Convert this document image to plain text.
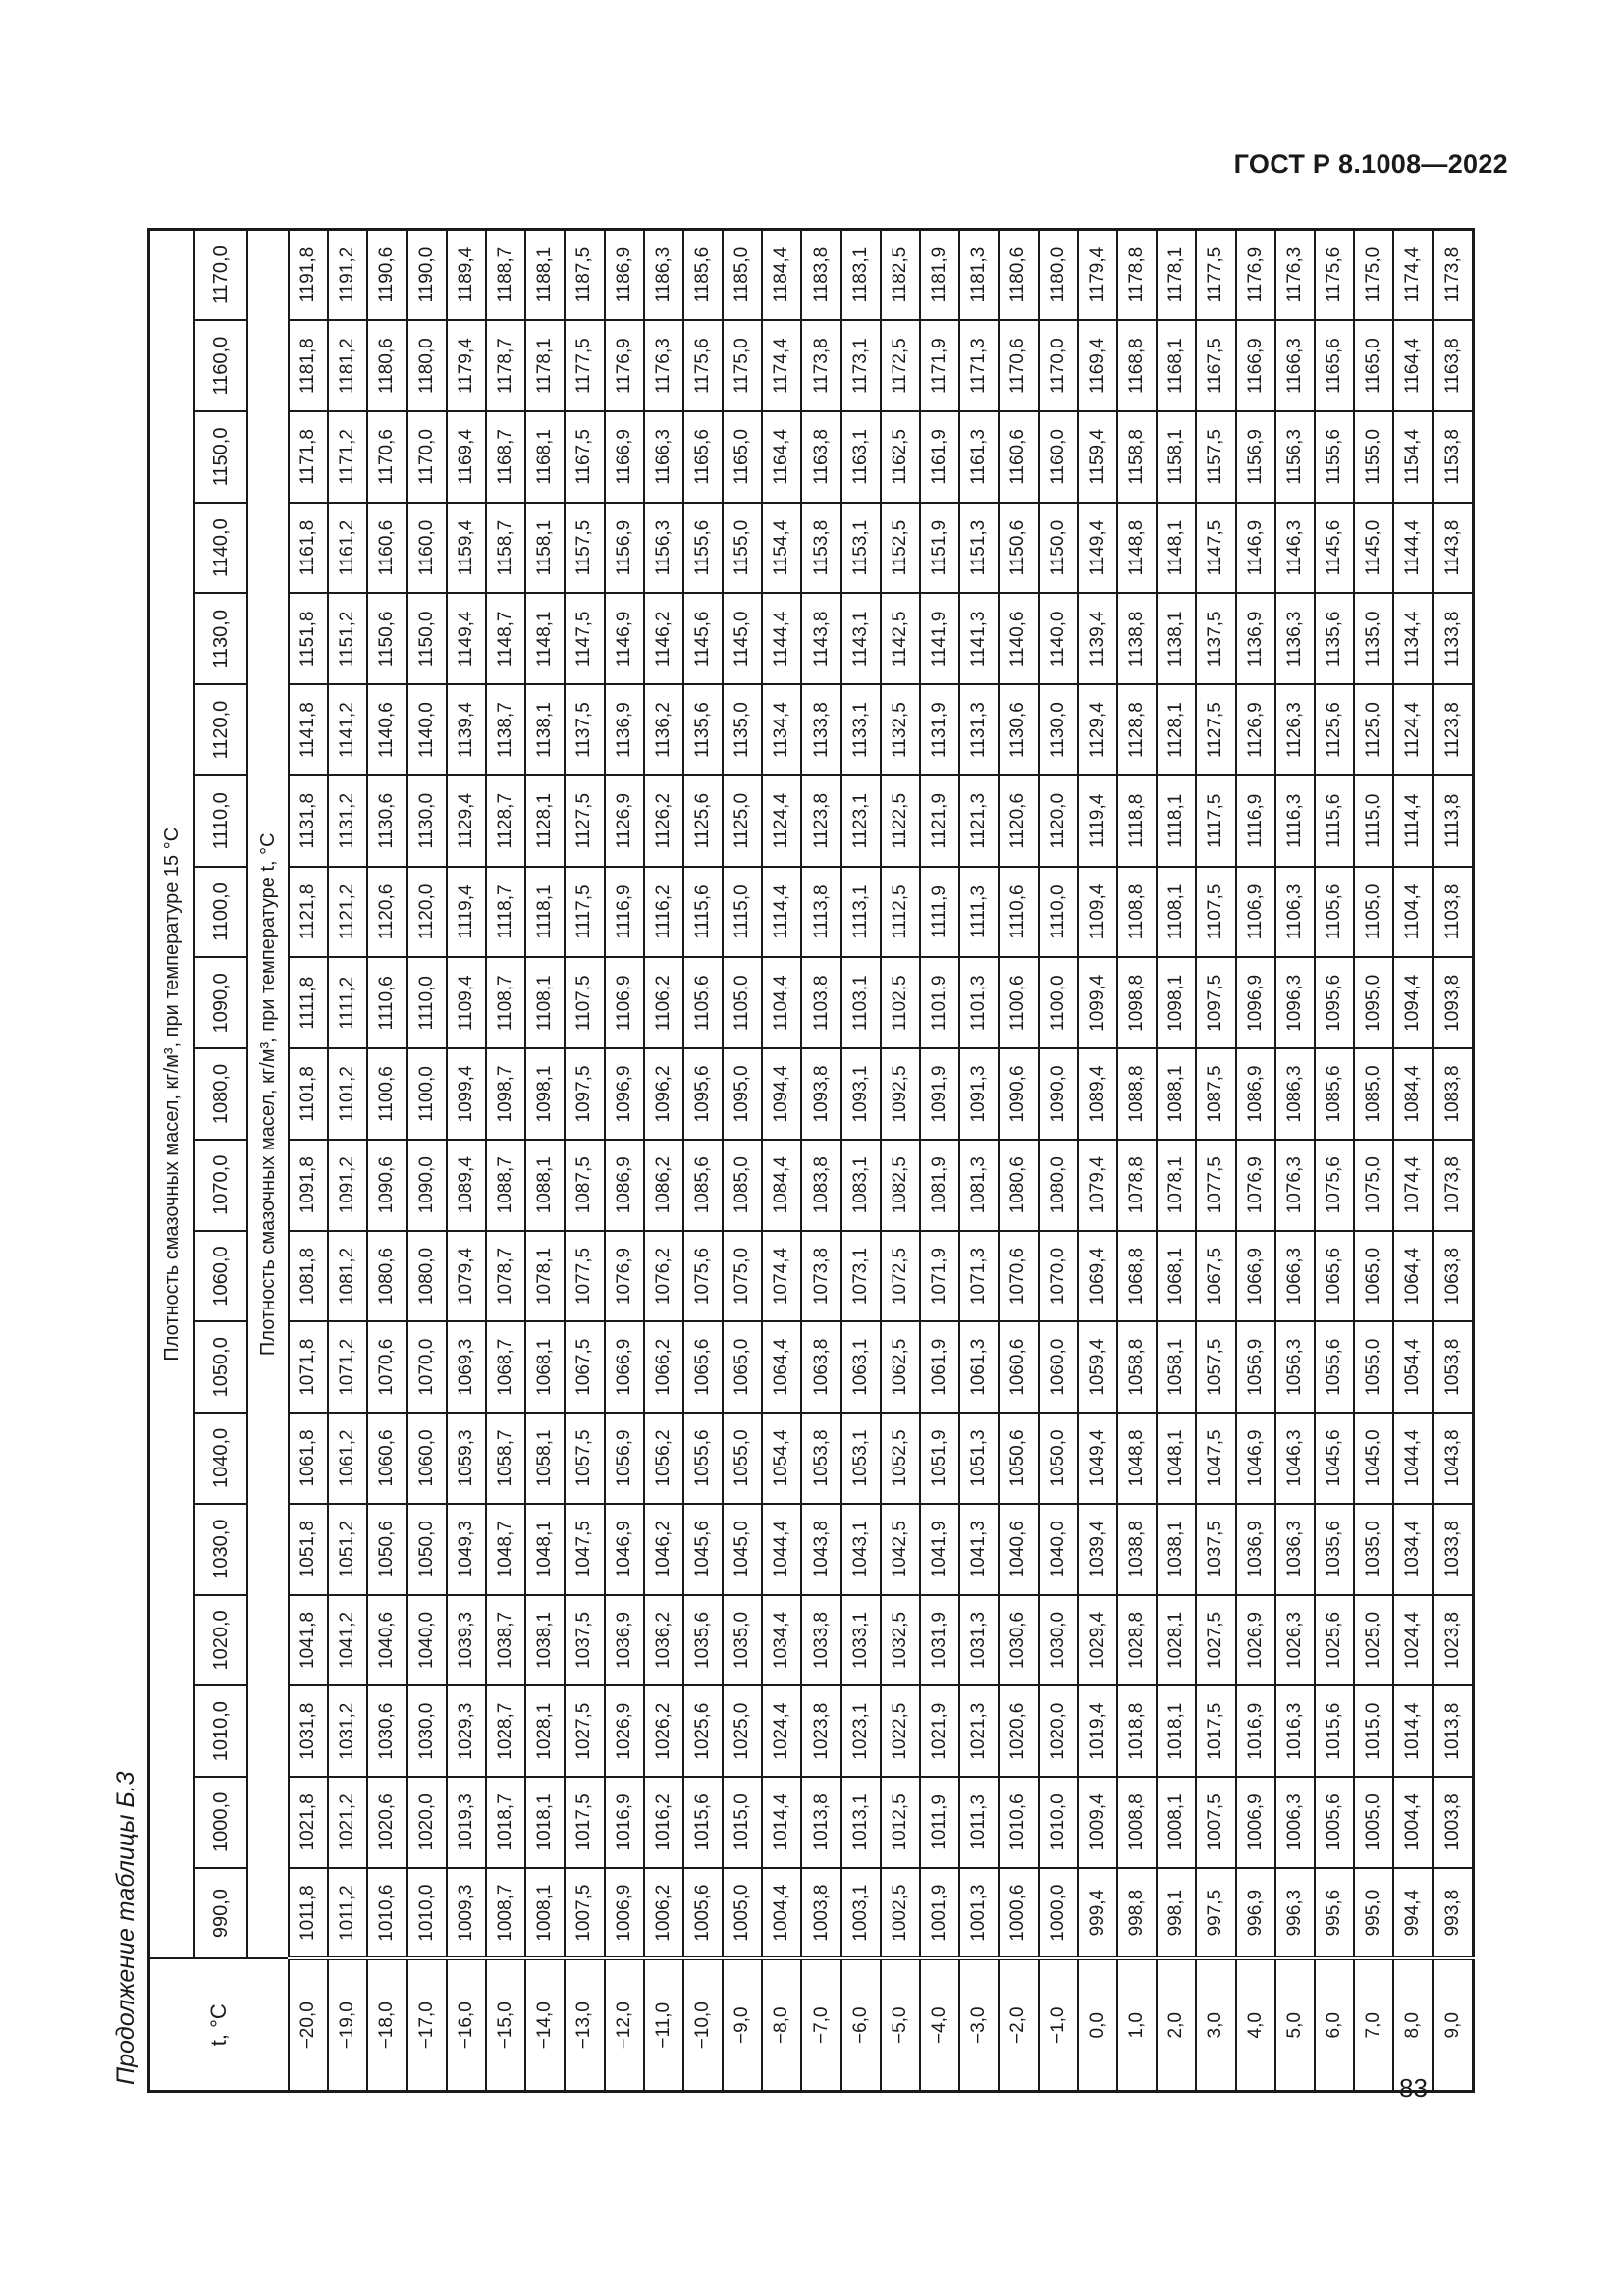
ГОСТ Р 8.1008—2022
Продолжение таблицы Б.3	t, °C	Плотность смазочных масел, кг/м³, при температуре 15 °C																		
	990,0	1000,0	1010,0	1020,0	1030,0	1040,0	1050,0	1060,0	1070,0	1080,0	1090,0	1100,0	1110,0	1120,0	1130,0	1140,0	1150,0	1160,0	1170,0
	Плотность смазочных масел, кг/м³, при температуре t, °C																		
−20,0	1011,8	1021,8	1031,8	1041,8	1051,8	1061,8	1071,8	1081,8	1091,8	1101,8	1111,8	1121,8	1131,8	1141,8	1151,8	1161,8	1171,8	1181,8	1191,8
−19,0	1011,2	1021,2	1031,2	1041,2	1051,2	1061,2	1071,2	1081,2	1091,2	1101,2	1111,2	1121,2	1131,2	1141,2	1151,2	1161,2	1171,2	1181,2	1191,2
−18,0	1010,6	1020,6	1030,6	1040,6	1050,6	1060,6	1070,6	1080,6	1090,6	1100,6	1110,6	1120,6	1130,6	1140,6	1150,6	1160,6	1170,6	1180,6	1190,6
−17,0	1010,0	1020,0	1030,0	1040,0	1050,0	1060,0	1070,0	1080,0	1090,0	1100,0	1110,0	1120,0	1130,0	1140,0	1150,0	1160,0	1170,0	1180,0	1190,0
−16,0	1009,3	1019,3	1029,3	1039,3	1049,3	1059,3	1069,3	1079,4	1089,4	1099,4	1109,4	1119,4	1129,4	1139,4	1149,4	1159,4	1169,4	1179,4	1189,4
−15,0	1008,7	1018,7	1028,7	1038,7	1048,7	1058,7	1068,7	1078,7	1088,7	1098,7	1108,7	1118,7	1128,7	1138,7	1148,7	1158,7	1168,7	1178,7	1188,7
−14,0	1008,1	1018,1	1028,1	1038,1	1048,1	1058,1	1068,1	1078,1	1088,1	1098,1	1108,1	1118,1	1128,1	1138,1	1148,1	1158,1	1168,1	1178,1	1188,1
−13,0	1007,5	1017,5	1027,5	1037,5	1047,5	1057,5	1067,5	1077,5	1087,5	1097,5	1107,5	1117,5	1127,5	1137,5	1147,5	1157,5	1167,5	1177,5	1187,5
−12,0	1006,9	1016,9	1026,9	1036,9	1046,9	1056,9	1066,9	1076,9	1086,9	1096,9	1106,9	1116,9	1126,9	1136,9	1146,9	1156,9	1166,9	1176,9	1186,9
−11,0	1006,2	1016,2	1026,2	1036,2	1046,2	1056,2	1066,2	1076,2	1086,2	1096,2	1106,2	1116,2	1126,2	1136,2	1146,2	1156,3	1166,3	1176,3	1186,3
−10,0	1005,6	1015,6	1025,6	1035,6	1045,6	1055,6	1065,6	1075,6	1085,6	1095,6	1105,6	1115,6	1125,6	1135,6	1145,6	1155,6	1165,6	1175,6	1185,6
−9,0	1005,0	1015,0	1025,0	1035,0	1045,0	1055,0	1065,0	1075,0	1085,0	1095,0	1105,0	1115,0	1125,0	1135,0	1145,0	1155,0	1165,0	1175,0	1185,0
−8,0	1004,4	1014,4	1024,4	1034,4	1044,4	1054,4	1064,4	1074,4	1084,4	1094,4	1104,4	1114,4	1124,4	1134,4	1144,4	1154,4	1164,4	1174,4	1184,4
−7,0	1003,8	1013,8	1023,8	1033,8	1043,8	1053,8	1063,8	1073,8	1083,8	1093,8	1103,8	1113,8	1123,8	1133,8	1143,8	1153,8	1163,8	1173,8	1183,8
−6,0	1003,1	1013,1	1023,1	1033,1	1043,1	1053,1	1063,1	1073,1	1083,1	1093,1	1103,1	1113,1	1123,1	1133,1	1143,1	1153,1	1163,1	1173,1	1183,1
−5,0	1002,5	1012,5	1022,5	1032,5	1042,5	1052,5	1062,5	1072,5	1082,5	1092,5	1102,5	1112,5	1122,5	1132,5	1142,5	1152,5	1162,5	1172,5	1182,5
−4,0	1001,9	1011,9	1021,9	1031,9	1041,9	1051,9	1061,9	1071,9	1081,9	1091,9	1101,9	1111,9	1121,9	1131,9	1141,9	1151,9	1161,9	1171,9	1181,9
−3,0	1001,3	1011,3	1021,3	1031,3	1041,3	1051,3	1061,3	1071,3	1081,3	1091,3	1101,3	1111,3	1121,3	1131,3	1141,3	1151,3	1161,3	1171,3	1181,3
−2,0	1000,6	1010,6	1020,6	1030,6	1040,6	1050,6	1060,6	1070,6	1080,6	1090,6	1100,6	1110,6	1120,6	1130,6	1140,6	1150,6	1160,6	1170,6	1180,6
−1,0	1000,0	1010,0	1020,0	1030,0	1040,0	1050,0	1060,0	1070,0	1080,0	1090,0	1100,0	1110,0	1120,0	1130,0	1140,0	1150,0	1160,0	1170,0	1180,0
0,0	999,4	1009,4	1019,4	1029,4	1039,4	1049,4	1059,4	1069,4	1079,4	1089,4	1099,4	1109,4	1119,4	1129,4	1139,4	1149,4	1159,4	1169,4	1179,4
1,0	998,8	1008,8	1018,8	1028,8	1038,8	1048,8	1058,8	1068,8	1078,8	1088,8	1098,8	1108,8	1118,8	1128,8	1138,8	1148,8	1158,8	1168,8	1178,8
2,0	998,1	1008,1	1018,1	1028,1	1038,1	1048,1	1058,1	1068,1	1078,1	1088,1	1098,1	1108,1	1118,1	1128,1	1138,1	1148,1	1158,1	1168,1	1178,1
3,0	997,5	1007,5	1017,5	1027,5	1037,5	1047,5	1057,5	1067,5	1077,5	1087,5	1097,5	1107,5	1117,5	1127,5	1137,5	1147,5	1157,5	1167,5	1177,5
4,0	996,9	1006,9	1016,9	1026,9	1036,9	1046,9	1056,9	1066,9	1076,9	1086,9	1096,9	1106,9	1116,9	1126,9	1136,9	1146,9	1156,9	1166,9	1176,9
5,0	996,3	1006,3	1016,3	1026,3	1036,3	1046,3	1056,3	1066,3	1076,3	1086,3	1096,3	1106,3	1116,3	1126,3	1136,3	1146,3	1156,3	1166,3	1176,3
6,0	995,6	1005,6	1015,6	1025,6	1035,6	1045,6	1055,6	1065,6	1075,6	1085,6	1095,6	1105,6	1115,6	1125,6	1135,6	1145,6	1155,6	1165,6	1175,6
7,0	995,0	1005,0	1015,0	1025,0	1035,0	1045,0	1055,0	1065,0	1075,0	1085,0	1095,0	1105,0	1115,0	1125,0	1135,0	1145,0	1155,0	1165,0	1175,0
8,0	994,4	1004,4	1014,4	1024,4	1034,4	1044,4	1054,4	1064,4	1074,4	1084,4	1094,4	1104,4	1114,4	1124,4	1134,4	1144,4	1154,4	1164,4	1174,4
9,0	993,8	1003,8	1013,8	1023,8	1033,8	1043,8	1053,8	1063,8	1073,8	1083,8	1093,8	1103,8	1113,8	1123,8	1133,8	1143,8	1153,8	1163,8	1173,8
83
